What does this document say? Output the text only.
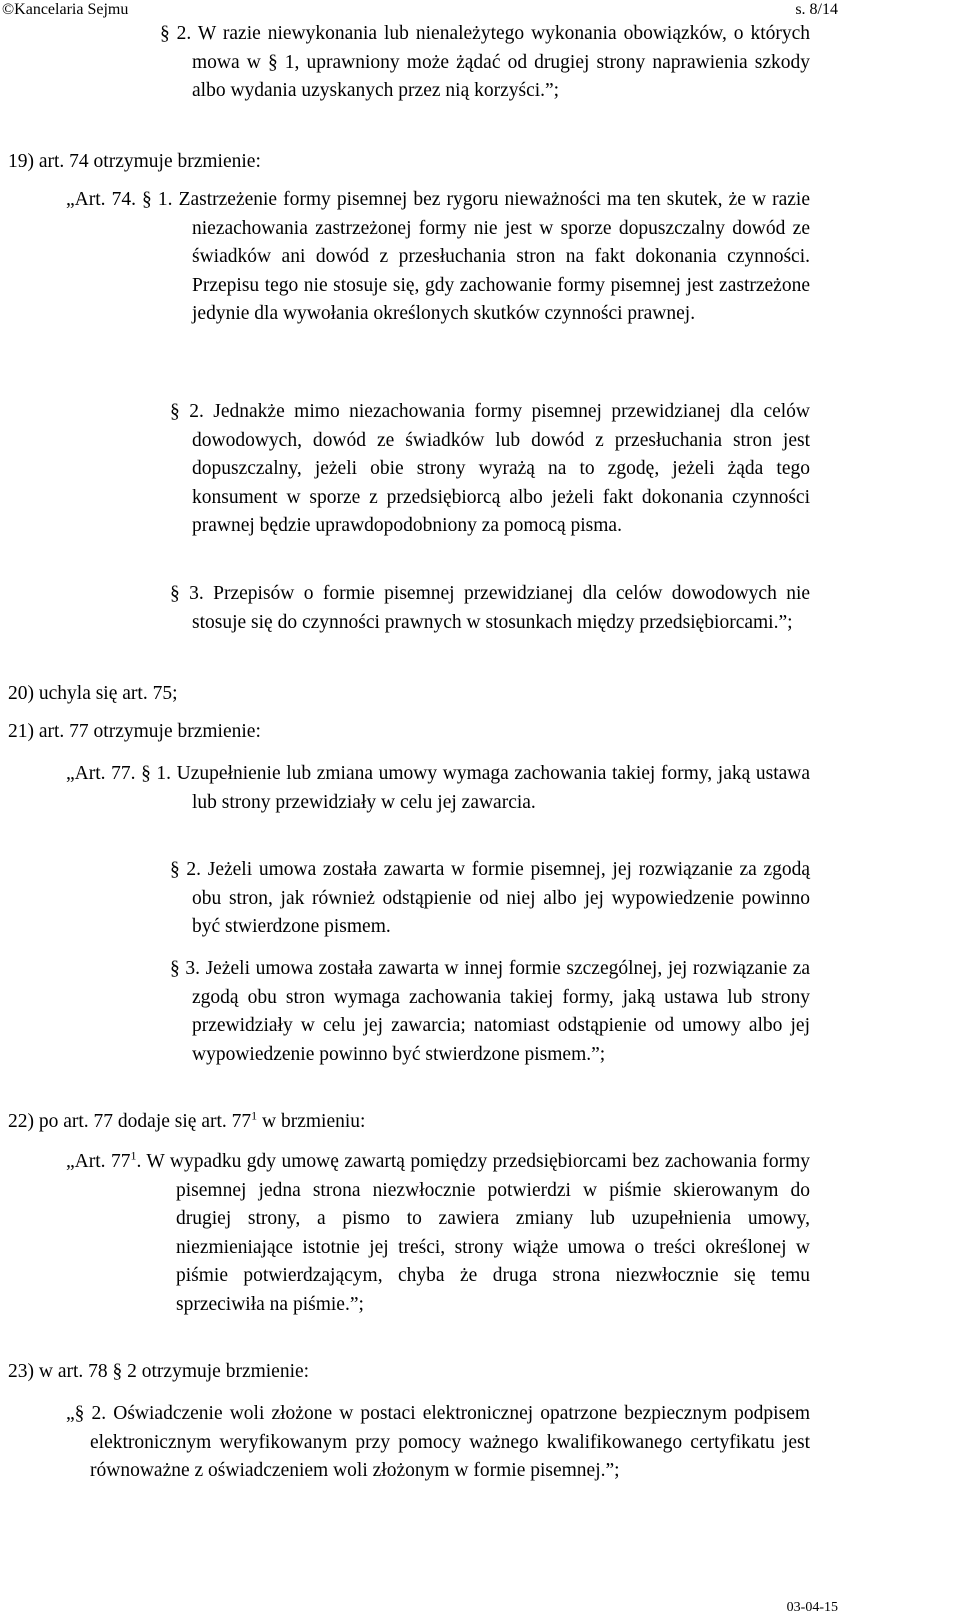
©Kancelaria Sejmu	s. 8/14

§ 2. W razie niewykonania lub nienależytego wykonania obowiązków, o których mowa w § 1, uprawniony może żądać od drugiej strony naprawienia szkody albo wydania uzyskanych przez nią korzyści.”;

19) art. 74 otrzymuje brzmienie:

„Art. 74. § 1. Zastrzeżenie formy pisemnej bez rygoru nieważności ma ten skutek, że w razie niezachowania zastrzeżonej formy nie jest w sporze dopuszczalny dowód ze świadków ani dowód z przesłuchania stron na fakt dokonania czynności. Przepisu tego nie stosuje się, gdy zachowanie formy pisemnej jest zastrzeżone jedynie dla wywołania określonych skutków czynności prawnej.

§ 2. Jednakże mimo niezachowania formy pisemnej przewidzianej dla celów dowodowych, dowód ze świadków lub dowód z przesłuchania stron jest dopuszczalny, jeżeli obie strony wyrażą na to zgodę, jeżeli żąda tego konsument w sporze z przedsiębiorcą albo jeżeli fakt dokonania czynności prawnej będzie uprawdopodobniony za pomocą pisma.

§ 3. Przepisów o formie pisemnej przewidzianej dla celów dowodowych nie stosuje się do czynności prawnych w stosunkach między przedsiębiorcami.”;

20) uchyla się art. 75;
21) art. 77 otrzymuje brzmienie:

„Art. 77. § 1. Uzupełnienie lub zmiana umowy wymaga zachowania takiej formy, jaką ustawa lub strony przewidziały w celu jej zawarcia.

§ 2. Jeżeli umowa została zawarta w formie pisemnej, jej rozwiązanie za zgodą obu stron, jak również odstąpienie od niej albo jej wypowiedzenie powinno być stwierdzone pismem.

§ 3. Jeżeli umowa została zawarta w innej formie szczególnej, jej rozwiązanie za zgodą obu stron wymaga zachowania takiej formy, jaką ustawa lub strony przewidziały w celu jej zawarcia; natomiast odstąpienie od umowy albo jej wypowiedzenie powinno być stwierdzone pismem.”;

22) po art. 77 dodaje się art. $77^1$ w brzmieniu:

„Art. $77^1$. W wypadku gdy umowę zawartą pomiędzy przedsiębiorcami bez zachowania formy pisemnej jedna strona niezwłocznie potwierdzi w piśmie skierowanym do drugiej strony, a pismo to zawiera zmiany lub uzupełnienia umowy, niezmieniające istotnie jej treści, strony wiąże umowa o treści określonej w piśmie potwierdzającym, chyba że druga strona niezwłocznie się temu sprzeciwiła na piśmie.”;

23) w art. 78 § 2 otrzymuje brzmienie:

„§ 2. Oświadczenie woli złożone w postaci elektronicznej opatrzone bezpiecznym podpisem elektronicznym weryfikowanym przy pomocy ważnego kwalifikowanego certyfikatu jest równoważne z oświadczeniem woli złożonym w formie pisemnej.”;

03-04-15
